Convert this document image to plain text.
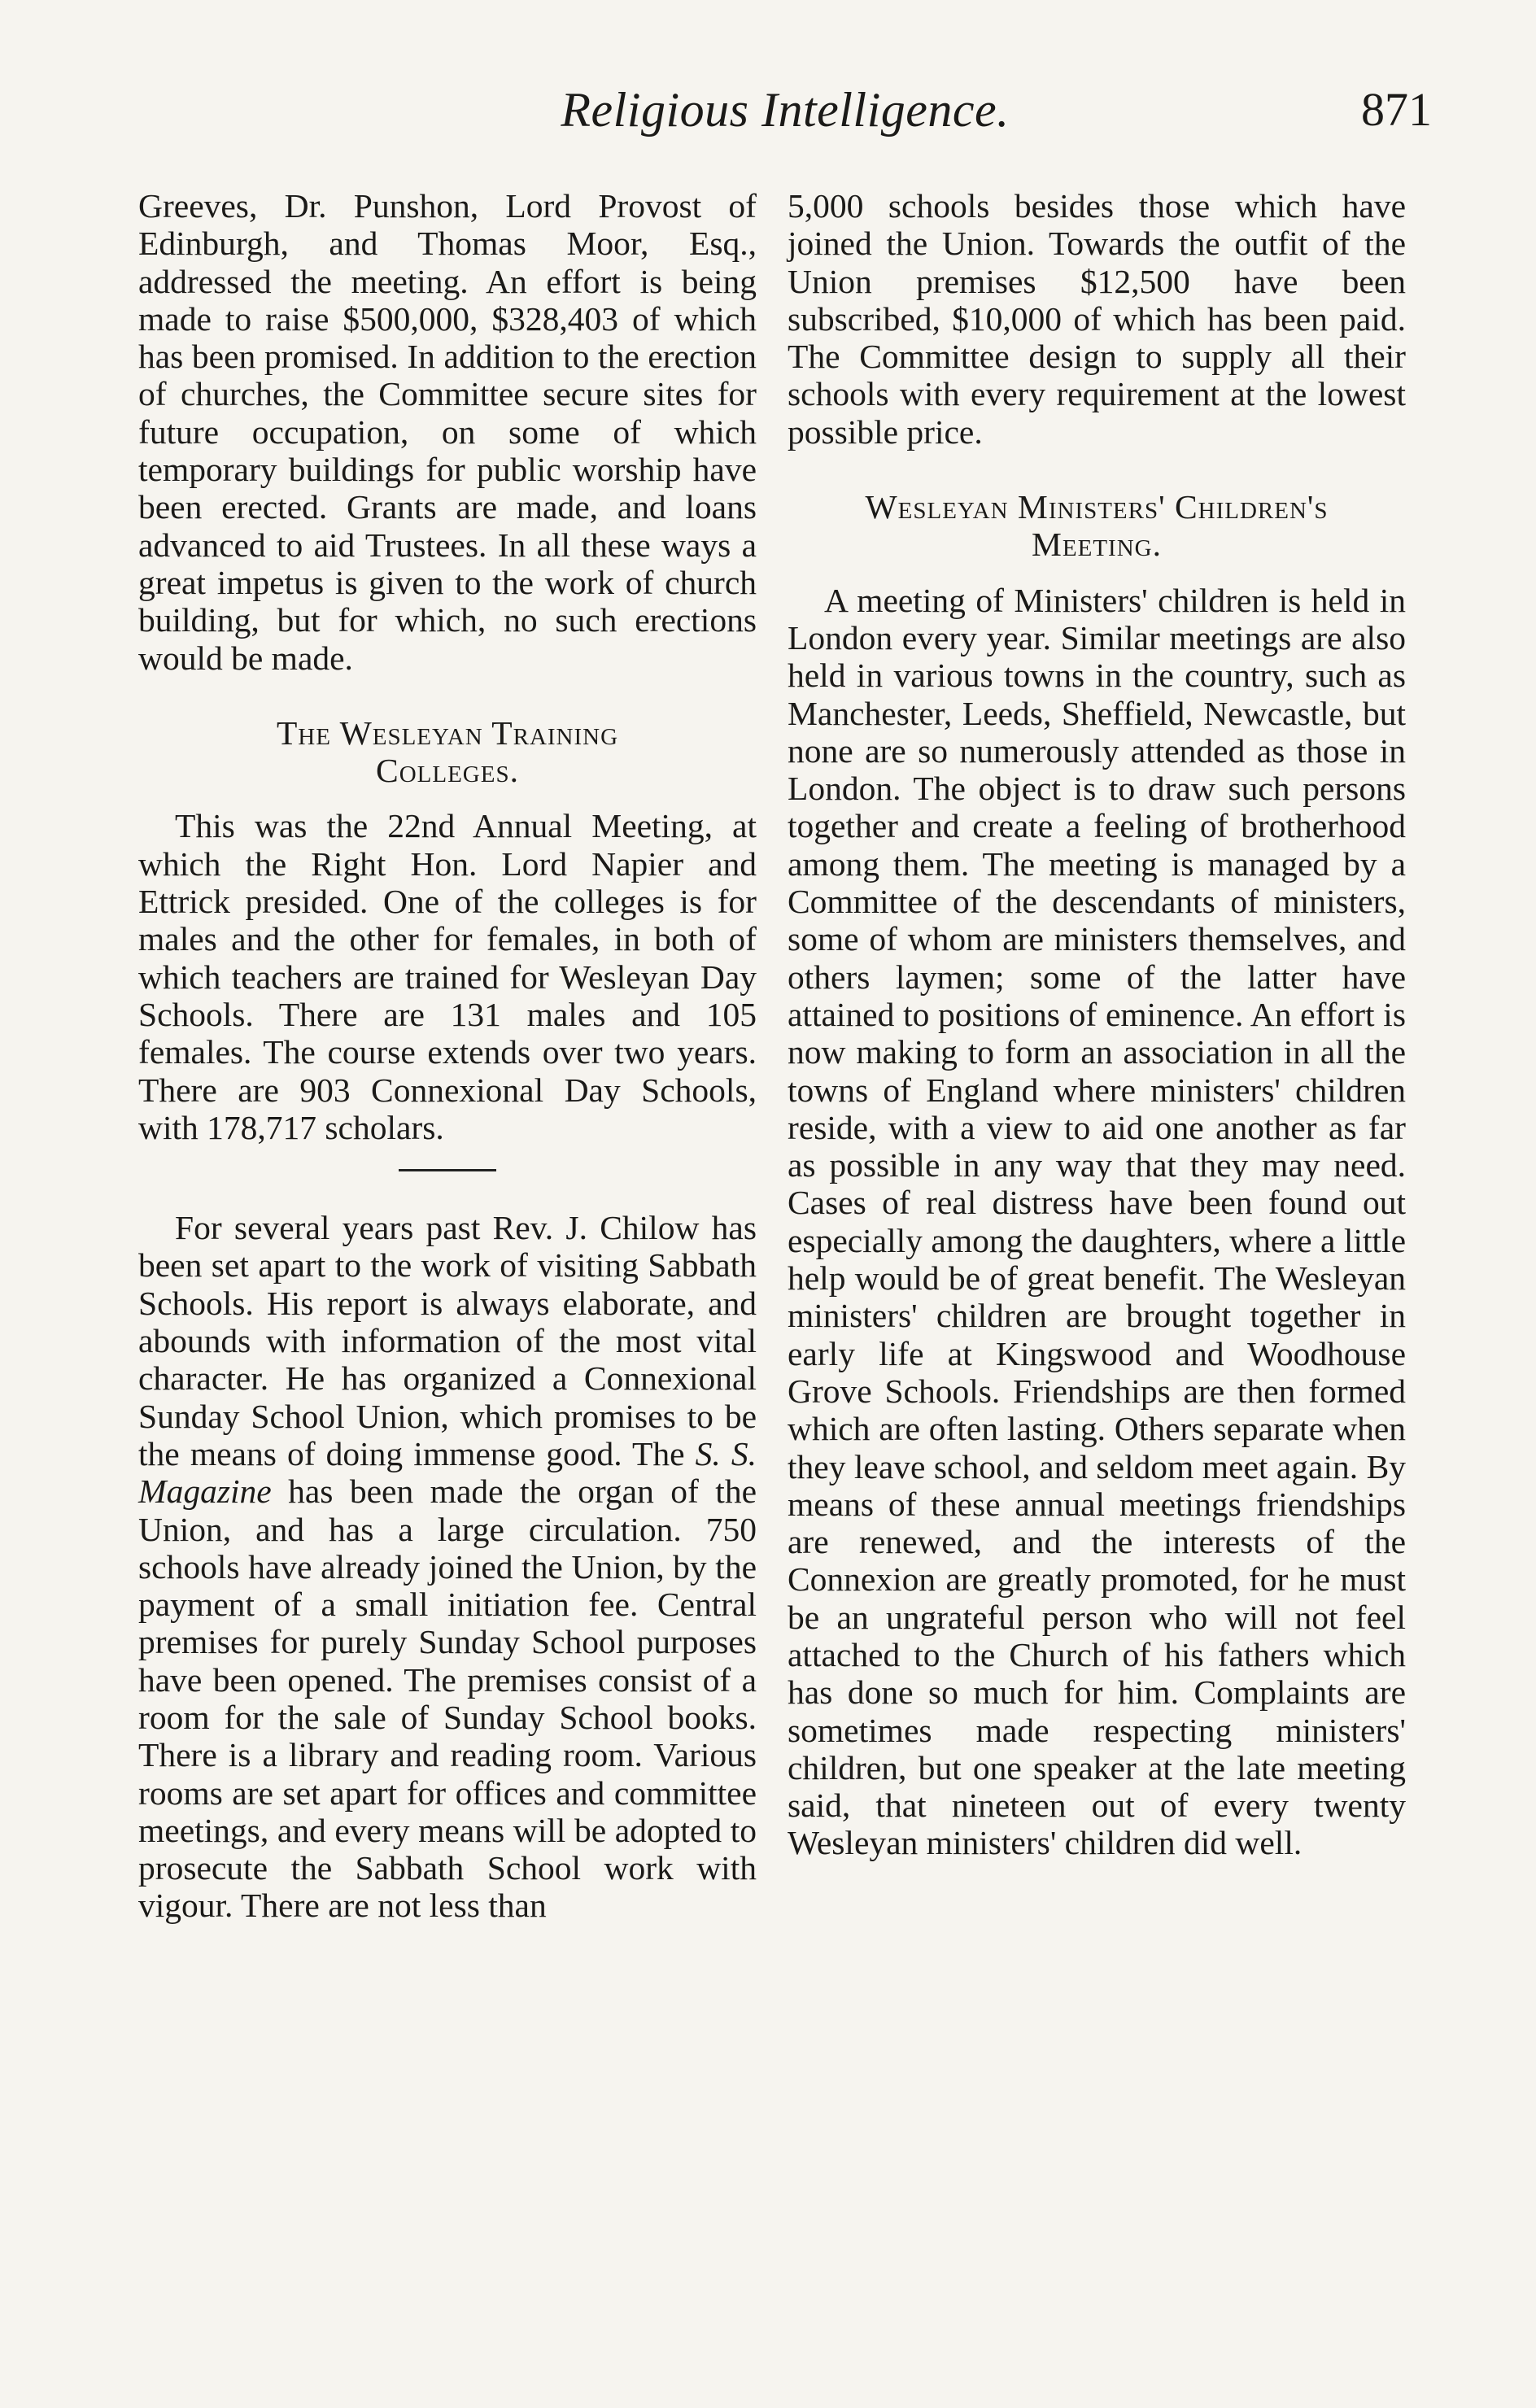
Religious Intelligence.	871

Greeves, Dr. Punshon, Lord Provost of Edinburgh, and Thomas Moor, Esq., addressed the meeting. An effort is being made to raise $500,000, $328,403 of which has been promised. In addition to the erection of churches, the Committee secure sites for future occupation, on some of which temporary buildings for public worship have been erected. Grants are made, and loans advanced to aid Trustees. In all these ways a great impetus is given to the work of church building, but for which, no such erections would be made.

The Wesleyan Training
Colleges.

This was the 22nd Annual Meeting, at which the Right Hon. Lord Napier and Ettrick presided. One of the colleges is for males and the other for females, in both of which teachers are trained for Wesleyan Day Schools. There are 131 males and 105 females. The course extends over two years. There are 903 Connexional Day Schools, with 178,717 scholars.

For several years past Rev. J. Chilow has been set apart to the work of visiting Sabbath Schools. His report is always elaborate, and abounds with information of the most vital character. He has organized a Connexional Sunday School Union, which promises to be the means of doing immense good. The S. S. Magazine has been made the organ of the Union, and has a large circulation. 750 schools have already joined the Union, by the payment of a small initiation fee. Central premises for purely Sunday School purposes have been opened. The premises consist of a room for the sale of Sunday School books. There is a library and reading room. Various rooms are set apart for offices and committee meetings, and every means will be adopted to prosecute the Sabbath School work with vigour. There are not less than

5,000 schools besides those which have joined the Union. Towards the outfit of the Union premises $12,500 have been subscribed, $10,000 of which has been paid. The Committee design to supply all their schools with every requirement at the lowest possible price.

Wesleyan Ministers' Children's
Meeting.

A meeting of Ministers' children is held in London every year. Similar meetings are also held in various towns in the country, such as Manchester, Leeds, Sheffield, Newcastle, but none are so numerously attended as those in London. The object is to draw such persons together and create a feeling of brotherhood among them. The meeting is managed by a Committee of the descendants of ministers, some of whom are ministers themselves, and others laymen; some of the latter have attained to positions of eminence. An effort is now making to form an association in all the towns of England where ministers' children reside, with a view to aid one another as far as possible in any way that they may need. Cases of real distress have been found out especially among the daughters, where a little help would be of great benefit. The Wesleyan ministers' children are brought together in early life at Kingswood and Woodhouse Grove Schools. Friendships are then formed which are often lasting. Others separate when they leave school, and seldom meet again. By means of these annual meetings friendships are renewed, and the interests of the Connexion are greatly promoted, for he must be an ungrateful person who will not feel attached to the Church of his fathers which has done so much for him. Complaints are sometimes made respecting ministers' children, but one speaker at the late meeting said, that nineteen out of every twenty Wesleyan ministers' children did well.
